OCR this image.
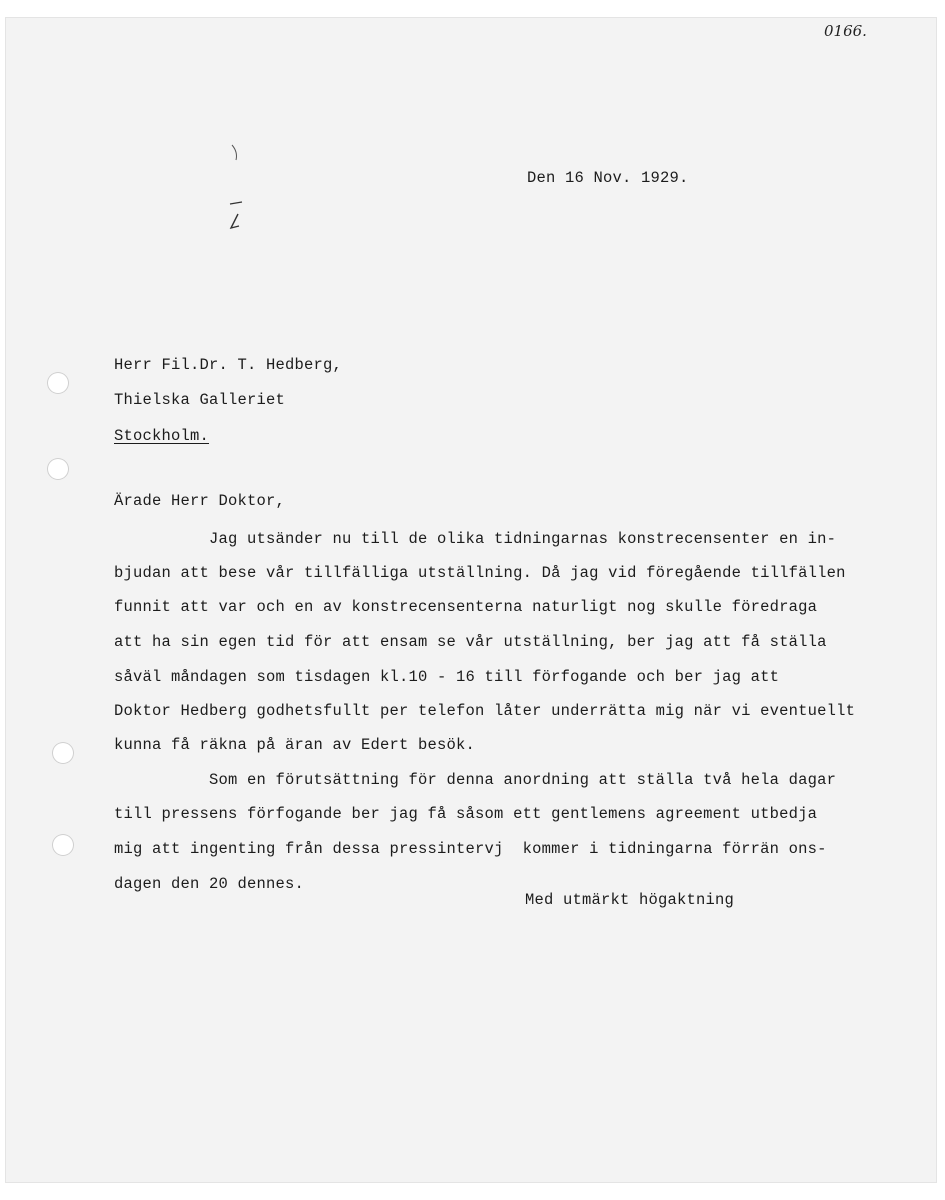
0166.

Den 16 Nov. 1929.

Herr Fil.Dr. T. Hedberg,

Thielska Galleriet

Stockholm.

Ärade Herr Doktor,

Jag utsänder nu till de olika tidningarnas konstrecensenter en in-

bjudan att bese vår tillfälliga utställning. Då jag vid föregående tillfällen

funnit att var och en av konstrecensenterna naturligt nog skulle föredraga

att ha sin egen tid för att ensam se vår utställning, ber jag att få ställa

såväl måndagen som tisdagen kl.10 - 16 till förfogande och ber jag att

Doktor Hedberg godhetsfullt per telefon låter underrätta mig när vi eventuellt

kunna få räkna på äran av Edert besök.

Som en förutsättning för denna anordning att ställa två hela dagar

till pressens förfogande ber jag få såsom ett gentlemens agreement utbedja

mig att ingenting från dessa pressintervj  kommer i tidningarna förrän ons-

dagen den 20 dennes.

Med utmärkt högaktning
